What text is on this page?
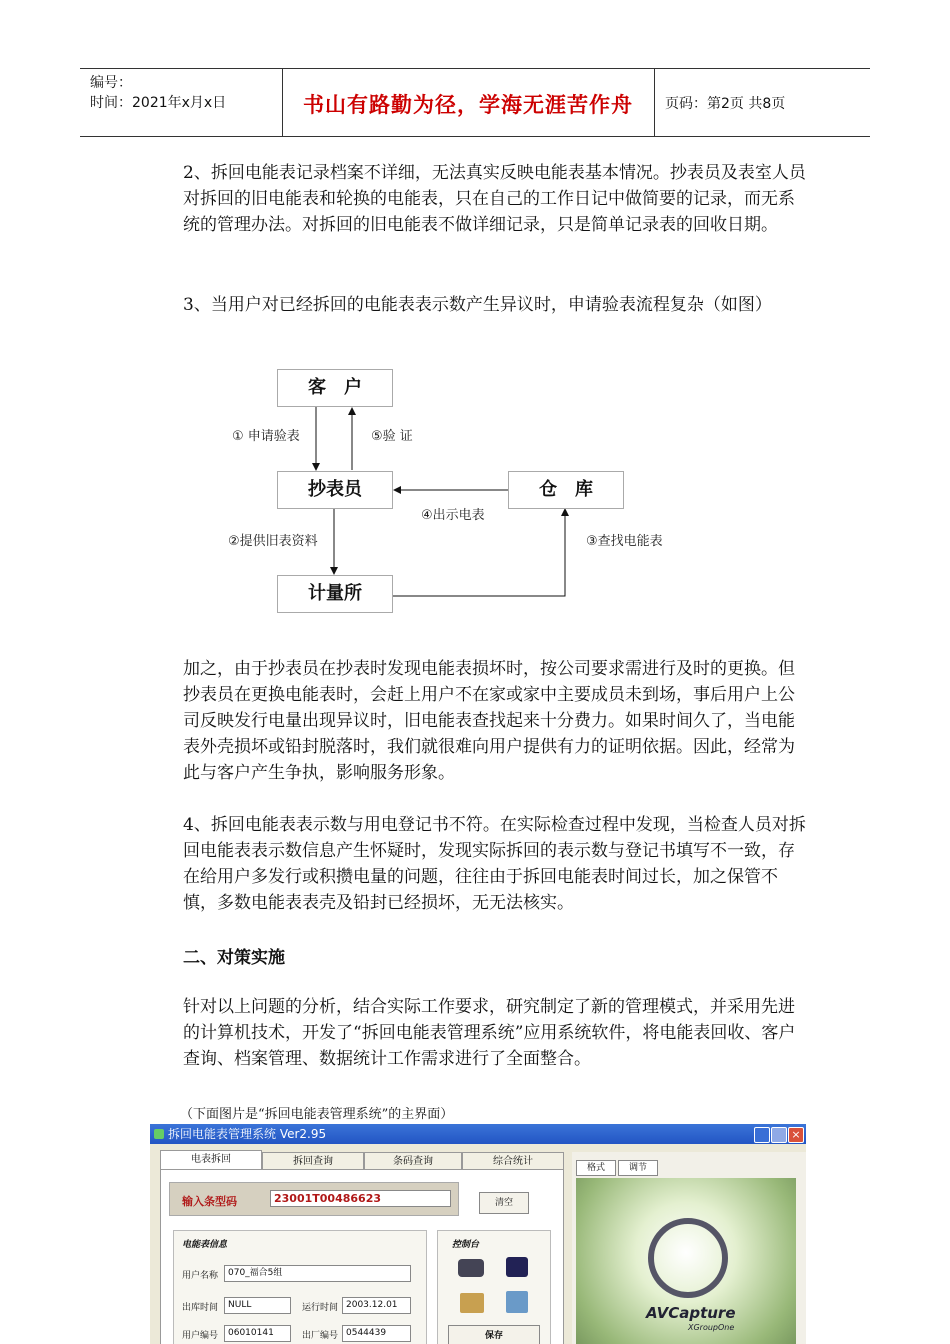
编号：
时间：2021年x月x日	书山有路勤为径，学海无涯苦作舟	页码：第2页 共8页
2、拆回电能表记录档案不详细，无法真实反映电能表基本情况。抄表员及表室人员对拆回的旧电能表和轮换的电能表，只在自己的工作日记中做简要的记录，而无系统的管理办法。对拆回的旧电能表不做详细记录，只是简单记录表的回收日期。
3、当用户对已经拆回的电能表表示数产生异议时，申请验表流程复杂（如图）
客　户
抄表员	仓　库
计量所
① 申请验表	⑤验 证
④出示电表
②提供旧表资料	③查找电能表
加之，由于抄表员在抄表时发现电能表损坏时，按公司要求需进行及时的更换。但抄表员在更换电能表时，会赶上用户不在家或家中主要成员未到场，事后用户上公司反映发行电量出现异议时，旧电能表查找起来十分费力。如果时间久了，当电能表外壳损坏或铅封脱落时，我们就很难向用户提供有力的证明依据。因此，经常为此与客户产生争执，影响服务形象。
4、拆回电能表表示数与用电登记书不符。在实际检查过程中发现，当检查人员对拆回电能表表示数信息产生怀疑时，发现实际拆回的表示数与登记书填写不一致，存在给用户多发行或积攒电量的问题，往往由于拆回电能表时间过长，加之保管不慎，多数电能表表壳及铅封已经损坏，无无法核实。
二、对策实施
针对以上问题的分析，结合实际工作要求，研究制定了新的管理模式，并采用先进的计算机技术，开发了“拆回电能表管理系统”应用系统软件，将电能表回收、客户查询、档案管理、数据统计工作需求进行了全面整合。
（下面图片是“拆回电能表管理系统”的主界面）
拆回电能表管理系统 Ver2.95	×
电表拆回	拆回查询	条码查询	综合统计
输入条型码	23001T00486623	清空
电能表信息
用户名称	070_福合5组
出库时间	NULL	运行时间 2003.12.01
用户编号	06010141	出厂编号 0544439
控制台
保存
格式	调节
AVCapture
XGroupOne
